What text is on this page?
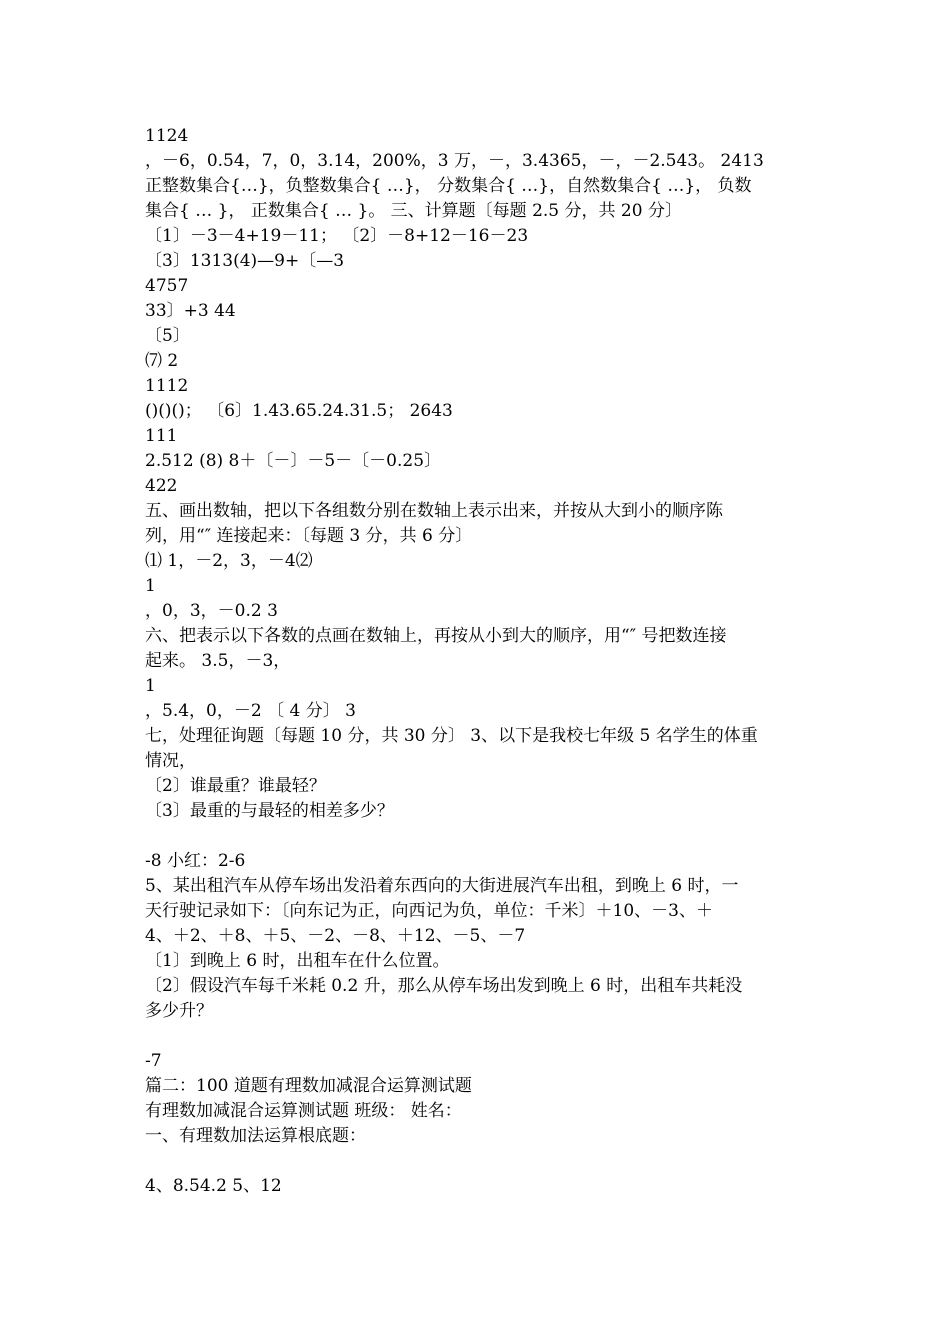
1124
，－6，0.54，7，0，3.14，200%，3 万，－，3.4365，－，－2.543。 2413
正整数集合{…}，负整数集合{ …}， 分数集合{ …}，自然数集合{ …}， 负数
集合{ … }， 正数集合{ … }。 三、计算题〔每题 2.5 分，共 20 分〕
〔1〕－3－4+19－11； 〔2〕－8+12－16－23
〔3〕1313(4)—9+〔—3
4757
33〕+3 44
〔5〕
⑺ 2
1112
()()()； 〔6〕1.43.65.24.31.5； 2643
111
2.512 (8) 8＋〔－〕－5－〔－0.25〕
422
五、画出数轴，把以下各组数分别在数轴上表示出来，并按从大到小的顺序陈
列，用“″ 连接起来：〔每题 3 分，共 6 分〕
⑴ 1，－2，3，－4⑵
1
，0，3，－0.2 3
六、把表示以下各数的点画在数轴上，再按从小到大的顺序，用“″ 号把数连接
起来。 3.5，－3，
1
，5.4，0，－2 〔 4 分〕 3
七，处理征询题〔每题 10 分，共 30 分〕 3、以下是我校七年级 5 名学生的体重
情况，
〔2〕谁最重？谁最轻？
〔3〕最重的与最轻的相差多少？
-8 小红：2-6
5、某出租汽车从停车场出发沿着东西向的大街进展汽车出租，到晚上 6 时，一
天行驶记录如下：〔向东记为正，向西记为负，单位：千米〕＋10、－3、＋
4、＋2、＋8、＋5、－2、－8、＋12、－5、－7
〔1〕到晚上 6 时，出租车在什么位置。
〔2〕假设汽车每千米耗 0.2 升，那么从停车场出发到晚上 6 时，出租车共耗没
多少升？
-7
篇二：100 道题有理数加减混合运算测试题
有理数加减混合运算测试题 班级： 姓名：
一、有理数加法运算根底题：
4、8.54.2 5、12
